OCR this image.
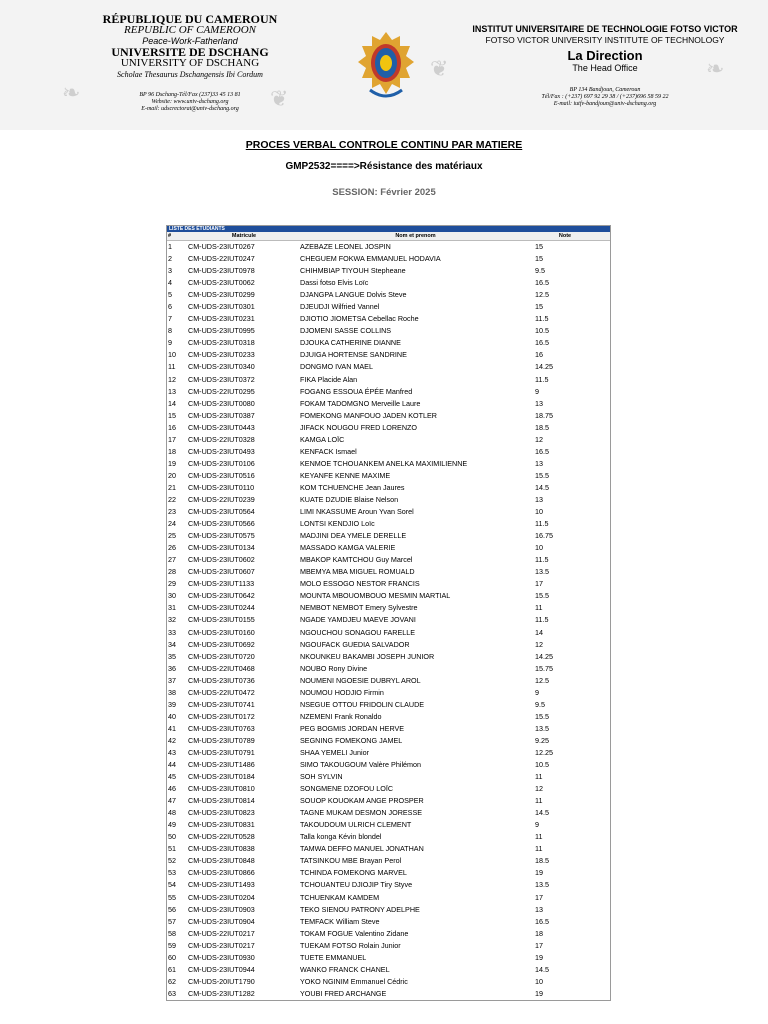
❧	❦
❦	❧
RÉPUBLIQUE DU CAMEROUN
REPUBLIC OF CAMEROON
Peace-Work-Fatherland
UNIVERSITE DE DSCHANG
UNIVERSITY OF DSCHANG
Scholae Thesaurus Dschangensis Ibi Cordum
BP 96 Dschang-Tél/Fax (237)33 45 13 81
Website: www.univ-dschang.org
E-mail: udscrectorat@univ-dschang.org
INSTITUT UNIVERSITAIRE DE TECHNOLOGIE FOTSO VICTOR
FOTSO VICTOR UNIVERSITY INSTITUTE OF TECHNOLOGY
La Direction
The Head Office
BP 134 Bandjoun, Cameroun
Tél/Fax : (+237) 697 92 29 38 / (+237)696 58 59 22
E-mail: iutfv-bandjoun@univ-dschang.org
PROCES VERBAL CONTROLE CONTINU PAR MATIERE
GMP2532====>Résistance des matériaux
SESSION: Février 2025
LISTE DES ÉTUDIANTS
#	Matricule	Nom et prenom	Note
1	CM-UDS-23IUT0267	AZEBAZE LEONEL JOSPIN	15
2	CM-UDS-22IUT0247	CHEGUEM FOKWA EMMANUEL HODAVIA	15
3	CM-UDS-23IUT0978	CHIHMBIAP TIYOUH Stepheane	9.5
4	CM-UDS-23IUT0062	Dassi fotso Elvis Loïc	16.5
5	CM-UDS-23IUT0299	DJANGPA LANGUE Dolvis Steve	12.5
6	CM-UDS-23IUT0301	DJEUDJI Wilfried Vannel	15
7	CM-UDS-23IUT0231	DJIOTIO JIOMETSA Cebellac Roche	11.5
8	CM-UDS-23IUT0995	DJOMENI SASSE COLLINS	10.5
9	CM-UDS-23IUT0318	DJOUKA CATHERINE DIANNE	16.5
10	CM-UDS-23IUT0233	DJUIGA HORTENSE SANDRINE	16
11	CM-UDS-23IUT0340	DONGMO IVAN MAEL	14.25
12	CM-UDS-23IUT0372	FIKA Placide Alan	11.5
13	CM-UDS-22IUT0295	FOGANG ESSOUA ÉPÉE Manfred	9
14	CM-UDS-23IUT0080	FOKAM TADOMGNO Merveille Laure	13
15	CM-UDS-23IUT0387	FOMEKONG MANFOUO JADEN KOTLER	18.75
16	CM-UDS-23IUT0443	JIFACK NOUGOU FRED LORENZO	18.5
17	CM-UDS-22IUT0328	KAMGA LOÏC	12
18	CM-UDS-23IUT0493	KENFACK Ismael	16.5
19	CM-UDS-23IUT0106	KENMOE TCHOUANKEM ANELKA MAXIMILIENNE	13
20	CM-UDS-23IUT0516	KEYANFE KENNE MAXIME	15.5
21	CM-UDS-23IUT0110	KOM TCHUENCHE Jean Jaures	14.5
22	CM-UDS-22IUT0239	KUATE DZUDIE Blaise Nelson	13
23	CM-UDS-23IUT0564	LIMI NKASSUME Aroun Yvan Sorel	10
24	CM-UDS-23IUT0566	LONTSI KENDJIO Loïc	11.5
25	CM-UDS-23IUT0575	MADJINI DEA YMELE DERELLE	16.75
26	CM-UDS-23IUT0134	MASSADO KAMGA VALERIE	10
27	CM-UDS-23IUT0602	MBAKOP KAMTCHOU Guy Marcel	11.5
28	CM-UDS-23IUT0607	MBEMYA MBA MIGUEL ROMUALD	13.5
29	CM-UDS-23IUT1133	MOLO ESSOGO NESTOR FRANCIS	17
30	CM-UDS-23IUT0642	MOUNTA MBOUOMBOUO MESMIN MARTIAL	15.5
31	CM-UDS-23IUT0244	NEMBOT NEMBOT Emery Sylvestre	11
32	CM-UDS-23IUT0155	NGADE YAMDJEU MAEVE JOVANI	11.5
33	CM-UDS-23IUT0160	NGOUCHOU SONAGOU FARELLE	14
34	CM-UDS-23IUT0692	NGOUFACK GUEDIA SALVADOR	12
35	CM-UDS-23IUT0720	NKOUNKEU BAKAMBI JOSEPH JUNIOR	14.25
36	CM-UDS-22IUT0468	NOUBO Rony Divine	15.75
37	CM-UDS-23IUT0736	NOUMENI NGOESIE DUBRYL AROL	12.5
38	CM-UDS-22IUT0472	NOUMOU HODJIO Firmin	9
39	CM-UDS-23IUT0741	NSEGUE OTTOU FRIDOLIN CLAUDE	9.5
40	CM-UDS-23IUT0172	NZEMENI Frank Ronaldo	15.5
41	CM-UDS-23IUT0763	PEG BOGMIS JORDAN HERVE	13.5
42	CM-UDS-23IUT0789	SEGNING FOMEKONG JAMEL	9.25
43	CM-UDS-23IUT0791	SHAA YEMELI Junior	12.25
44	CM-UDS-23IUT1486	SIMO TAKOUGOUM Valère Philémon	10.5
45	CM-UDS-23IUT0184	SOH SYLVIN	11
46	CM-UDS-23IUT0810	SONGMENE DZOFOU LOÏC	12
47	CM-UDS-23IUT0814	SOUOP KOUOKAM ANGE PROSPER	11
48	CM-UDS-23IUT0823	TAGNE MUKAM DESMON JORESSE	14.5
49	CM-UDS-23IUT0831	TAKOUDOUM ULRICH CLEMENT	9
50	CM-UDS-22IUT0528	Talla konga Kévin blondel	11
51	CM-UDS-23IUT0838	TAMWA DEFFO MANUEL JONATHAN	11
52	CM-UDS-23IUT0848	TATSINKOU MBE Brayan Perol	18.5
53	CM-UDS-23IUT0866	TCHINDA FOMEKONG MARVEL	19
54	CM-UDS-23IUT1493	TCHOUANTEU DJIOJIP Tiry Styve	13.5
55	CM-UDS-23IUT0204	TCHUENKAM KAMDEM	17
56	CM-UDS-23IUT0903	TEKO SIENOU PATRONY ADELPHE	13
57	CM-UDS-23IUT0904	TEMFACK William Steve	16.5
58	CM-UDS-22IUT0217	TOKAM FOGUE Valentino Zidane	18
59	CM-UDS-23IUT0217	TUEKAM FOTSO Rolain Junior	17
60	CM-UDS-23IUT0930	TUETE EMMANUEL	19
61	CM-UDS-23IUT0944	WANKO FRANCK CHANEL	14.5
62	CM-UDS-20IUT1790	YOKO NGINIM Emmanuel Cédric	10
63	CM-UDS-23IUT1282	YOUBI FRED ARCHANGE	19
